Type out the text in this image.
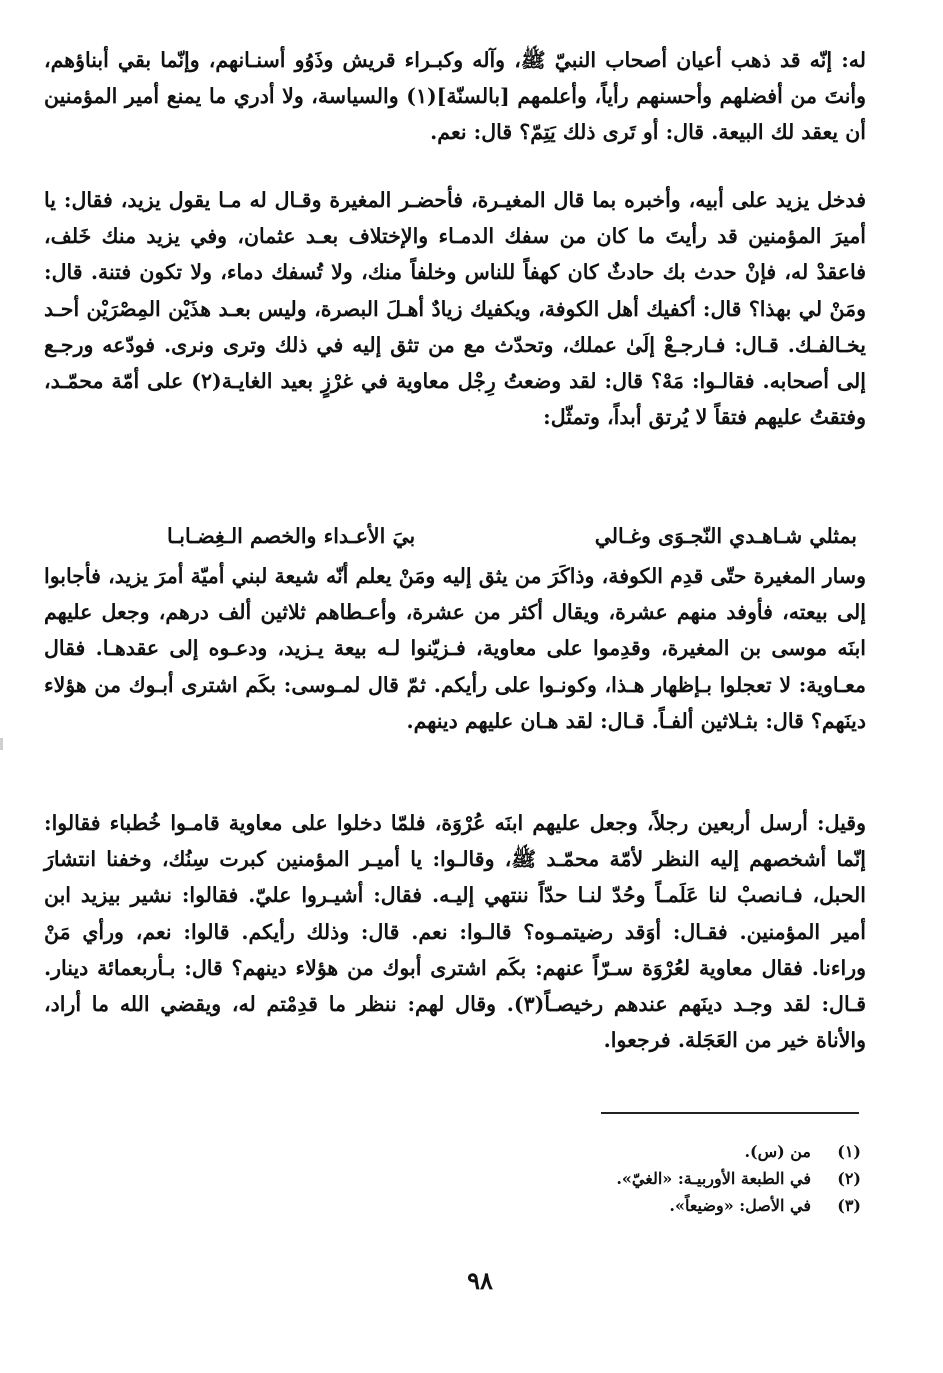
له: إنّه قد ذهب أعيان أصحاب النبيّ ﷺ، وآله وكبـراء قريش وذَوُو أسنـانهم، وإنّما بقي أبناؤهم، وأنتَ من أفضلهم وأحسنهم رأياً، وأعلمهم [بالسنّة](١) والسياسة، ولا أدري ما يمنع أمير المؤمنين أن يعقد لك البيعة. قال: أو تَرى ذلك يَتِمّ؟ قال: نعم.

فدخل يزيد على أبيه، وأخبره بما قال المغيـرة، فأحضـر المغيرة وقـال له مـا يقول يزيد، فقال: يا أميرَ المؤمنين قد رأيتَ ما كان من سفك الدمـاء والإختلاف بعـد عثمان، وفي يزيد منك خَلف، فاعقدْ له، فإنْ حدث بك حادثٌ كان كهفاً للناس وخلفاً منك، ولا تُسفك دماء، ولا تكون فتنة. قال: ومَنْ لي بهذا؟ قال: أكفيك أهل الكوفة، ويكفيك زيادٌ أهـلَ البصرة، وليس بعـد هذَيْن المِصْرَيْن أحـد يخـالفـك. قـال: فـارجـعْ إلَىٰ عملك، وتحدّث مع من تثق إليه في ذلك وترى ونرى. فودّعه ورجـع إلى أصحابه. فقالـوا: مَهْ؟ قال: لقد وضعتُ رِجْل معاوية في غرْزٍ بعيد الغايـة(٢) على أمّة محمّـد، وفتقتُ عليهم فتقاً لا يُرتق أبداً، وتمثّل:

بمثلي شـاهـدي النّجـوَى وغـالي
بيَ الأعـداء والخصم الـغِضـابـا

وسار المغيرة حتّى قدِم الكوفة، وذاكَرَ من يثق إليه ومَنْ يعلم أنّه شيعة لبني أميّة أمرَ يزيد، فأجابوا إلى بيعته، فأوفد منهم عشرة، ويقال أكثر من عشرة، وأعـطاهم ثلاثين ألف درهم، وجعل عليهم ابنَه موسى بن المغيرة، وقدِموا على معاوية، فـزيّنوا لـه بيعة يـزيد، ودعـوه إلى عقدهـا. فقال معـاوية: لا تعجلوا بـإظهار هـذا، وكونـوا على رأيكم. ثمّ قال لمـوسى: بكَم اشترى أبـوك من هؤلاء دينَهم؟ قال: بثـلاثين ألفـاً. قـال: لقد هـان عليهم دينهم.

وقيل: أرسل أربعين رجلاً، وجعل عليهم ابنَه عُرْوَة، فلمّا دخلوا على معاوية قامـوا خُطباء فقالوا: إنّما أشخصهم إليه النظر لأمّة محمّـد ﷺ، وقالـوا: يا أميـر المؤمنين كبرت سِنُك، وخفنا انتشارَ الحبل، فـانصبْ لنا عَلَمـاً وحُدّ لنـا حدّاً ننتهي إليـه. فقال: أشيـروا عليّ. فقالوا: نشير بيزيد ابن أمير المؤمنين. فقـال: أوَقد رضيتمـوه؟ قالـوا: نعم. قال: وذلك رأيكم. قالوا: نعم، ورأي مَنْ وراءنا. فقال معاوية لعُرْوَة سـرّاً عنهم: بكَم اشترى أبوك من هؤلاء دينهم؟ قال: بـأربعمائة دينار. قـال: لقد وجـد دينَهم عندهم رخيصـاً(٣). وقال لهم: ننظر ما قدِمْتم له، ويقضي الله ما أراد، والأناة خير من العَجَلة. فرجعوا.

(١)
من (س).
(٢)
في الطبعة الأوربيـة: «الغيّ».
(٣)
في الأصل: «وضيعاً».
٩٨
